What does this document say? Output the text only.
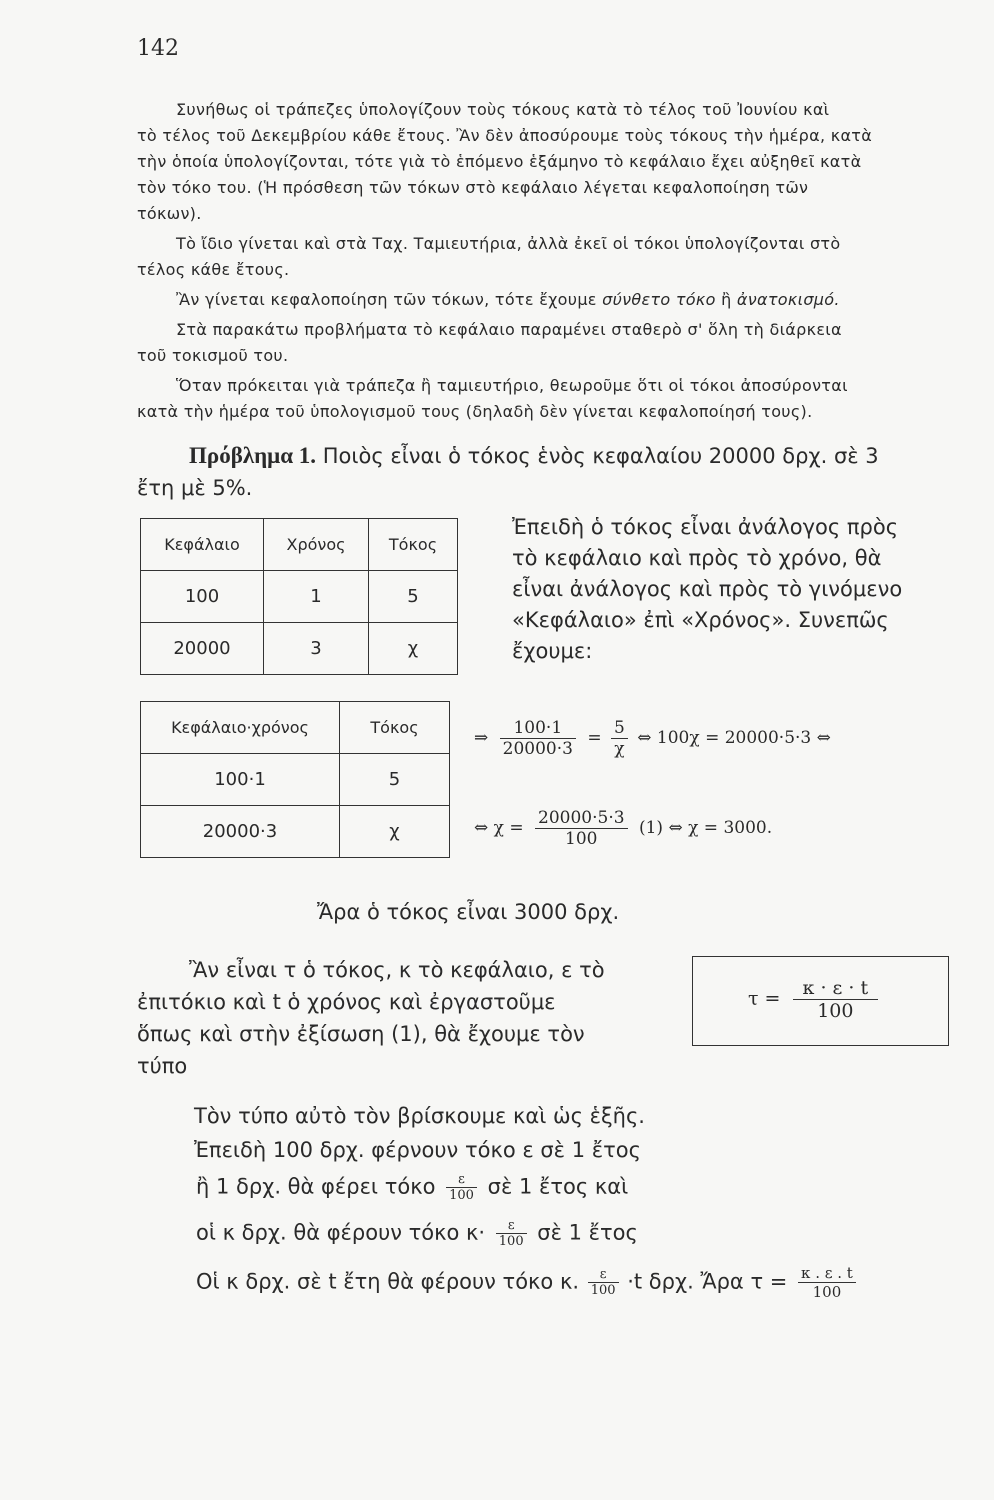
142
Συνήθως οἱ τράπεζες ὑπολογίζουν τοὺς τόκους κατὰ τὸ τέλος τοῦ Ἰουνίου καὶ
τὸ τέλος τοῦ Δεκεμβρίου κάθε ἔτους. Ἂν δὲν ἀποσύρουμε τοὺς τόκους τὴν ἡμέρα, κατὰ
τὴν ὁποία ὑπολογίζονται, τότε γιὰ τὸ ἑπόμενο ἑξάμηνο τὸ κεφάλαιο ἔχει αὐξηθεῖ κατὰ
τὸν τόκο του. (Ἡ πρόσθεση τῶν τόκων στὸ κεφάλαιο λέγεται κεφαλοποίηση τῶν
τόκων).
Τὸ ἴδιο γίνεται καὶ στὰ Ταχ. Ταμιευτήρια, ἀλλὰ ἐκεῖ οἱ τόκοι ὑπολογίζονται στὸ
τέλος κάθε ἔτους.
Ἂν γίνεται κεφαλοποίηση τῶν τόκων, τότε ἔχουμε σύνθετο τόκο ἢ ἀνατοκισμό.
Στὰ παρακάτω προβλήματα τὸ κεφάλαιο παραμένει σταθερὸ σ' ὅλη τὴ διάρκεια
τοῦ τοκισμοῦ του.
Ὅταν πρόκειται γιὰ τράπεζα ἢ ταμιευτήριο, θεωροῦμε ὅτι οἱ τόκοι ἀποσύρονται
κατὰ τὴν ἡμέρα τοῦ ὑπολογισμοῦ τους (δηλαδὴ δὲν γίνεται κεφαλοποίησή τους).
Πρόβλημα 1. Ποιὸς εἶναι ὁ τόκος ἑνὸς κεφαλαίου 20000 δρχ. σὲ 3
ἔτη μὲ 5%.
Κεφάλαιο	Χρόνος	Τόκος
100	1	5
20000	3	χ
Ἐπειδὴ ὁ τόκος εἶναι ἀνάλογος πρὸς
τὸ κεφάλαιο καὶ πρὸς τὸ χρόνο, θὰ
εἶναι ἀνάλογος καὶ πρὸς τὸ γινόμενο
«Κεφάλαιο» ἐπὶ «Χρόνος». Συνεπῶς
ἔχουμε:
Κεφάλαιο·χρόνος	Τόκος
100·1	5
20000·3	χ
⇒ $\frac{100\cdot 1}{20000\cdot 3} = \frac{5}{\chi}$ ⇔ 100χ = 20000·5·3 ⇔
⇔ $\chi = \frac{20000\cdot 5\cdot 3}{100} (1)$ ⇔ χ = 3000.
Ἄρα ὁ τόκος εἶναι 3000 δρχ.
Ἂν εἶναι τ ὁ τόκος, κ τὸ κεφάλαιο, ε τὸ
ἐπιτόκιο καὶ t ὁ χρόνος καὶ ἐργαστοῦμε
ὅπως καὶ στὴν ἐξίσωση (1), θὰ ἔχουμε τὸν
τύπο
$\tau = \frac{\kappa \cdot \varepsilon \cdot t}{100}$
Τὸν τύπο αὐτὸ τὸν βρίσκουμε καὶ ὡς ἑξῆς.
Ἐπειδὴ 100 δρχ. φέρνουν τόκο ε σὲ 1 ἔτος
ἢ 1 δρχ. θὰ φέρει τόκο $\frac{\varepsilon}{100}$ σὲ 1 ἔτος καὶ
οἱ κ δρχ. θὰ φέρουν τόκο $\kappa\cdot \frac{\varepsilon}{100}$ σὲ 1 ἔτος
Οἱ κ δρχ. σὲ t ἔτη θὰ φέρουν τόκο κ. $\frac{\varepsilon}{100} \cdot t$ δρχ. Ἄρα $\tau = \frac{\kappa . \varepsilon . t}{100}$
